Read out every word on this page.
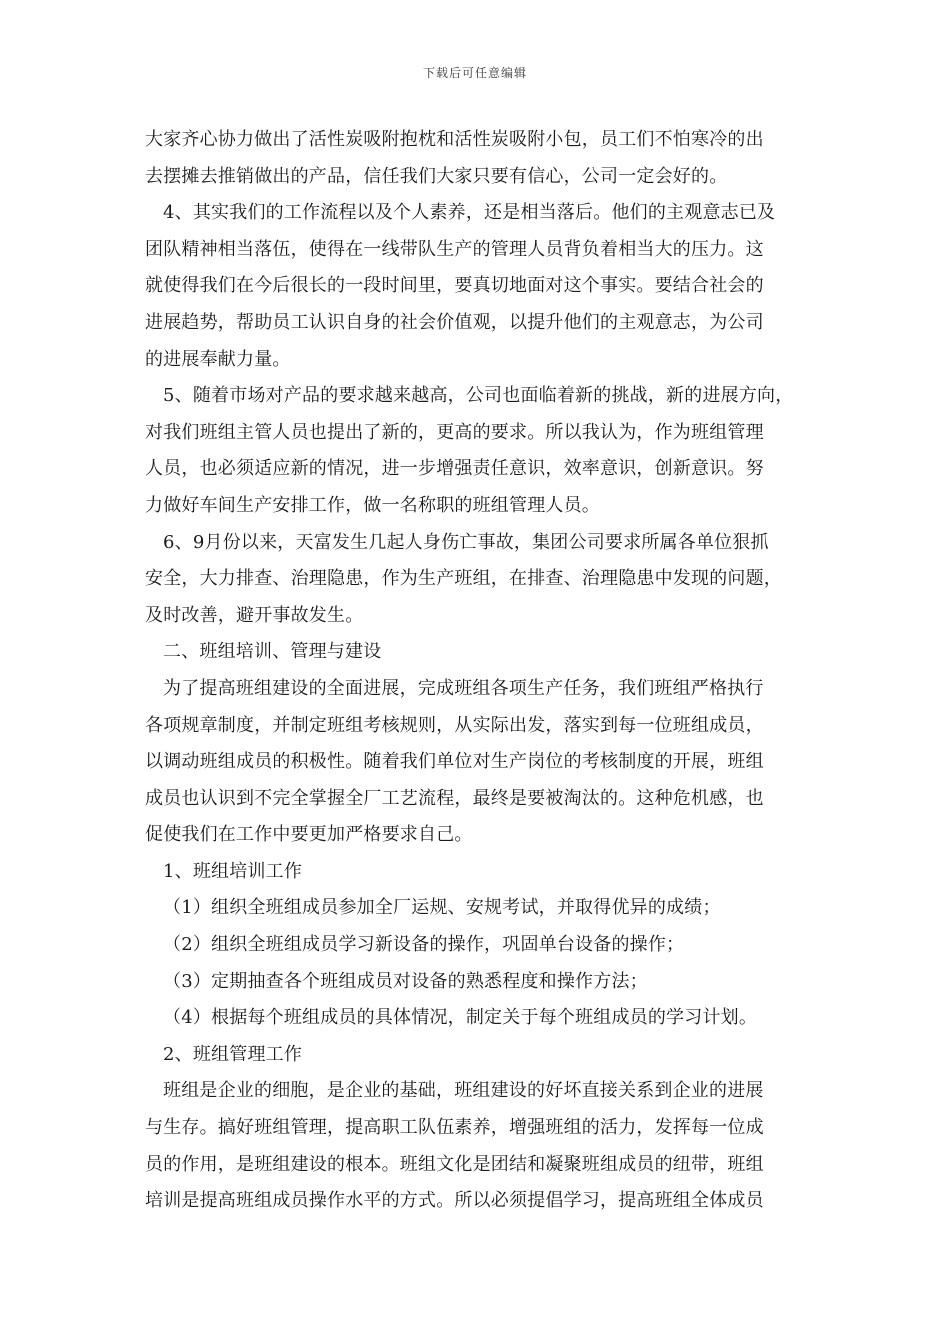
下载后可任意编辑
大家齐心协力做出了活性炭吸附抱枕和活性炭吸附小包，员工们不怕寒冷的出
去摆摊去推销做出的产品，信任我们大家只要有信心，公司一定会好的。
4、其实我们的工作流程以及个人素养，还是相当落后。他们的主观意志已及
团队精神相当落伍，使得在一线带队生产的管理人员背负着相当大的压力。这
就使得我们在今后很长的一段时间里，要真切地面对这个事实。要结合社会的
进展趋势，帮助员工认识自身的社会价值观，以提升他们的主观意志，为公司
的进展奉献力量。
5、随着市场对产品的要求越来越高，公司也面临着新的挑战，新的进展方向，
对我们班组主管人员也提出了新的，更高的要求。所以我认为，作为班组管理
人员，也必须适应新的情况，进一步增强责任意识，效率意识，创新意识。努
力做好车间生产安排工作，做一名称职的班组管理人员。
6、9月份以来，天富发生几起人身伤亡事故，集团公司要求所属各单位狠抓
安全，大力排查、治理隐患，作为生产班组，在排查、治理隐患中发现的问题，
及时改善，避开事故发生。
二、班组培训、管理与建设
为了提高班组建设的全面进展，完成班组各项生产任务，我们班组严格执行
各项规章制度，并制定班组考核规则，从实际出发，落实到每一位班组成员，
以调动班组成员的积极性。随着我们单位对生产岗位的考核制度的开展，班组
成员也认识到不完全掌握全厂工艺流程，最终是要被淘汰的。这种危机感，也
促使我们在工作中要更加严格要求自己。
1、班组培训工作
（1）组织全班组成员参加全厂运规、安规考试，并取得优异的成绩；
（2）组织全班组成员学习新设备的操作，巩固单台设备的操作；
（3）定期抽查各个班组成员对设备的熟悉程度和操作方法；
（4）根据每个班组成员的具体情况，制定关于每个班组成员的学习计划。
2、班组管理工作
班组是企业的细胞，是企业的基础，班组建设的好坏直接关系到企业的进展
与生存。搞好班组管理，提高职工队伍素养，增强班组的活力，发挥每一位成
员的作用，是班组建设的根本。班组文化是团结和凝聚班组成员的纽带，班组
培训是提高班组成员操作水平的方式。所以必须提倡学习，提高班组全体成员
